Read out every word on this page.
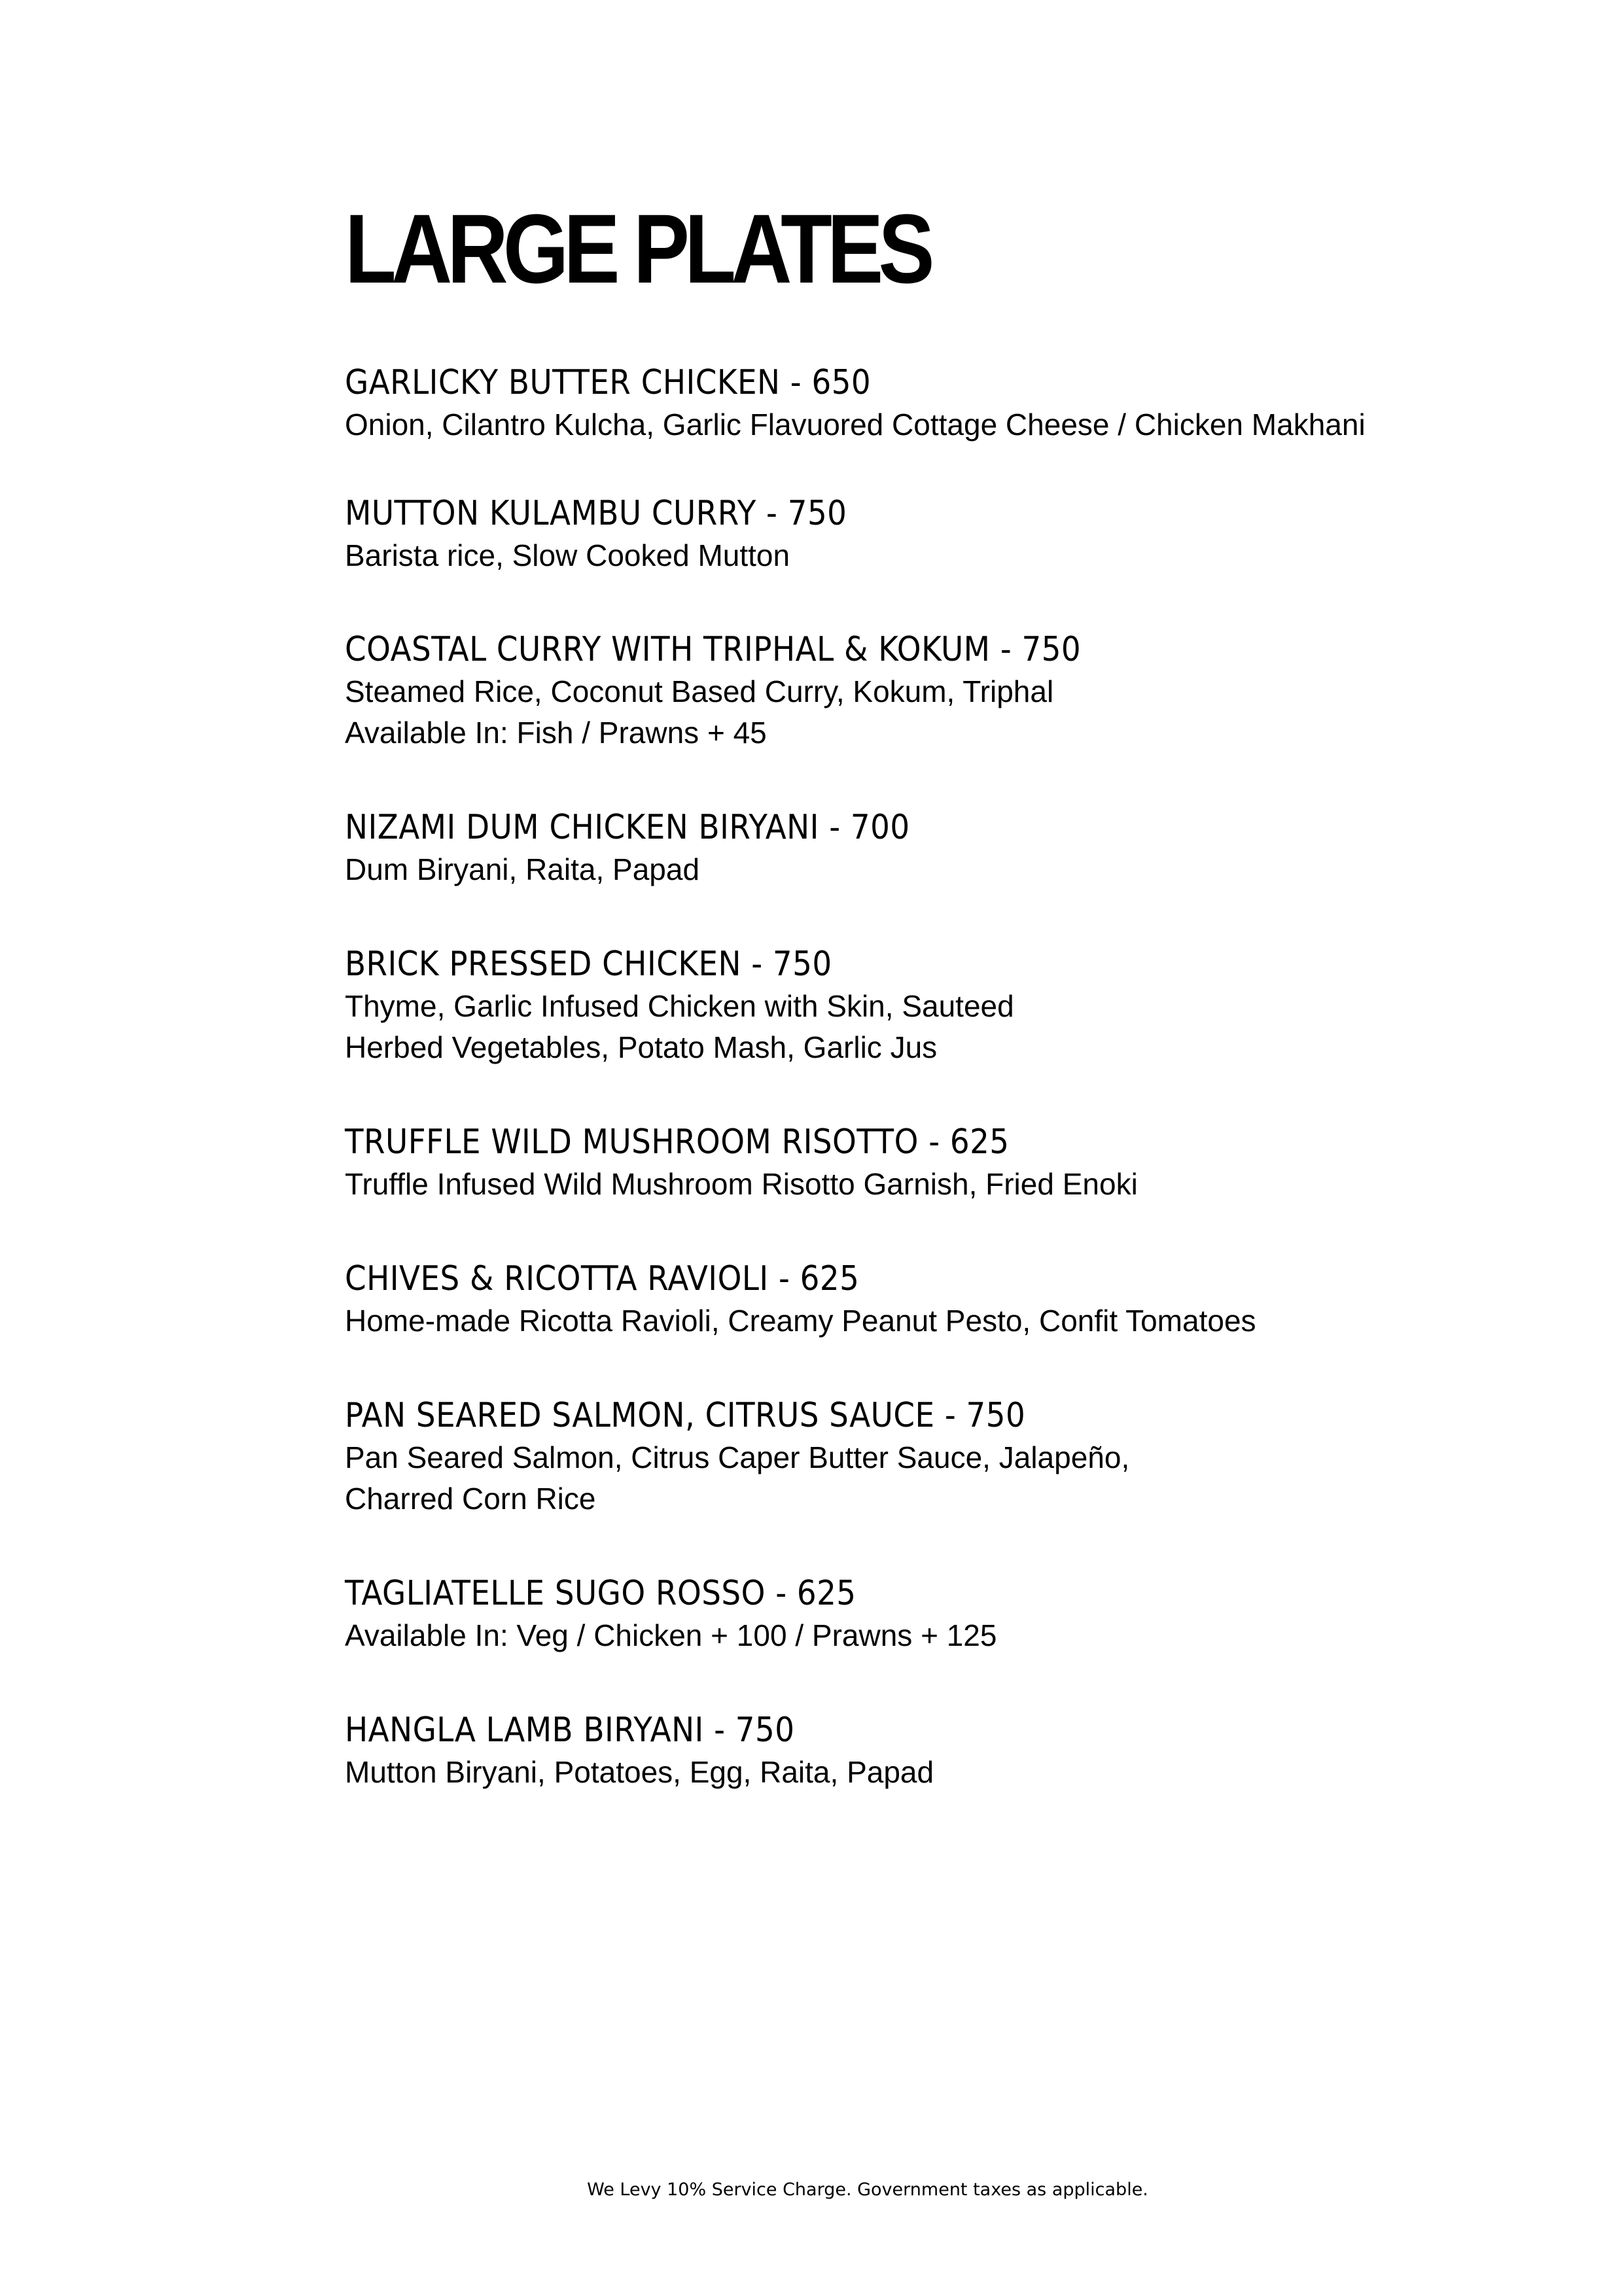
LARGE PLATES
GARLICKY BUTTER CHICKEN - 650
Onion, Cilantro Kulcha, Garlic Flavuored Cottage Cheese / Chicken Makhani
MUTTON KULAMBU CURRY - 750
Barista rice, Slow Cooked Mutton
COASTAL CURRY WITH TRIPHAL & KOKUM - 750
Steamed Rice, Coconut Based Curry, Kokum, Triphal
Available In: Fish / Prawns + 45
NIZAMI DUM CHICKEN BIRYANI - 700
Dum Biryani, Raita, Papad
BRICK PRESSED CHICKEN - 750
Thyme, Garlic Infused Chicken with Skin, Sauteed
Herbed Vegetables, Potato Mash, Garlic Jus
TRUFFLE WILD MUSHROOM RISOTTO - 625
Truffle Infused Wild Mushroom Risotto Garnish, Fried Enoki
CHIVES & RICOTTA RAVIOLI - 625
Home-made Ricotta Ravioli, Creamy Peanut Pesto, Confit Tomatoes
PAN SEARED SALMON, CITRUS SAUCE - 750
Pan Seared Salmon, Citrus Caper Butter Sauce, Jalapeño,
Charred Corn Rice
TAGLIATELLE SUGO ROSSO - 625
Available In: Veg / Chicken + 100 / Prawns + 125
HANGLA LAMB BIRYANI - 750
Mutton Biryani, Potatoes, Egg, Raita, Papad
We Levy 10% Service Charge. Government taxes as applicable.
